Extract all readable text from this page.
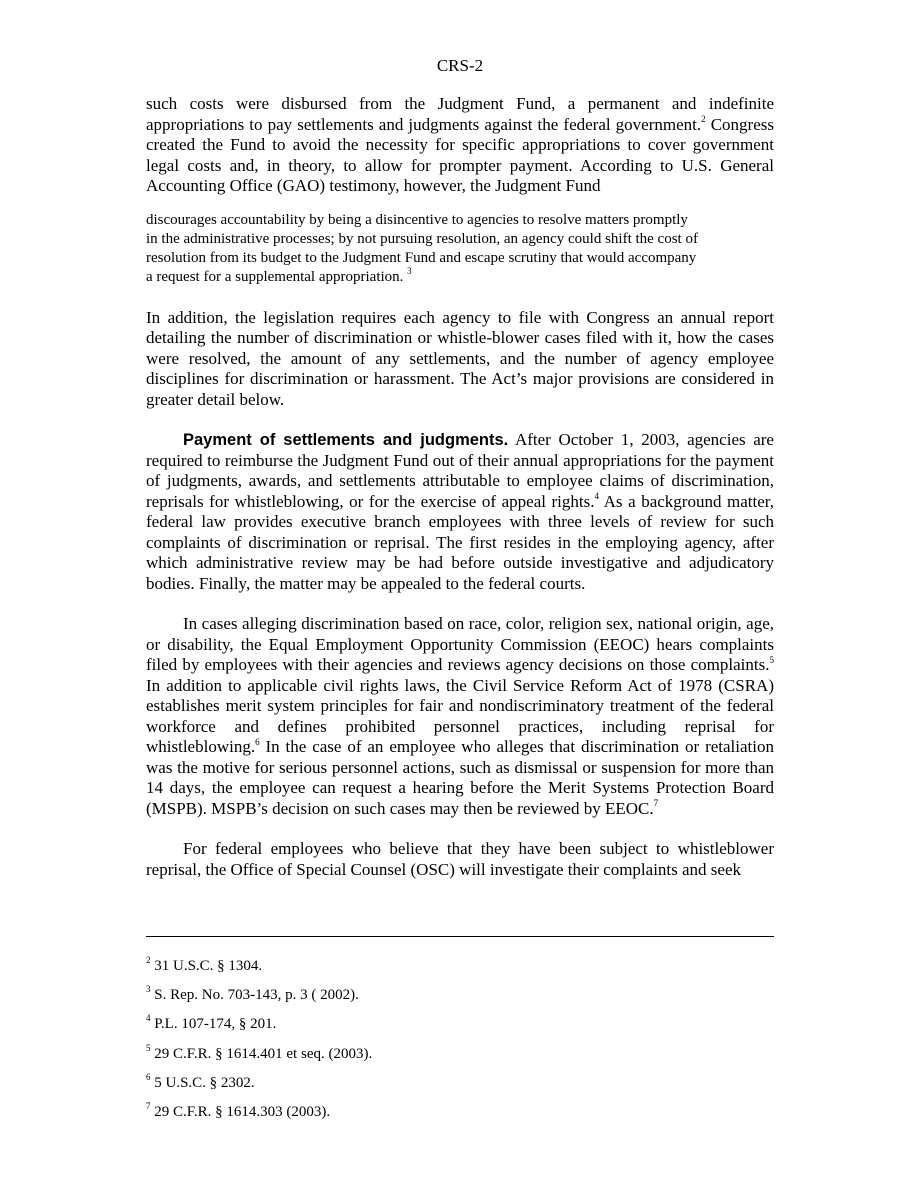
CRS-2

such costs were disbursed from the Judgment Fund, a permanent and indefinite appropriations to pay settlements and judgments against the federal government.$^2$ Congress created the Fund to avoid the necessity for specific appropriations to cover government legal costs and, in theory, to allow for prompter payment. According to U.S. General Accounting Office (GAO) testimony, however, the Judgment Fund

discourages accountability by being a disincentive to agencies to resolve matters promptly in the administrative processes; by not pursuing resolution, an agency could shift the cost of resolution from its budget to the Judgment Fund and escape scrutiny that would accompany a request for a supplemental appropriation. $^3$

In addition, the legislation requires each agency to file with Congress an annual report detailing the number of discrimination or whistle-blower cases filed with it, how the cases were resolved, the amount of any settlements, and the number of agency employee disciplines for discrimination or harassment. The Act’s major provisions are considered in greater detail below.

Payment of settlements and judgments. After October 1, 2003, agencies are required to reimburse the Judgment Fund out of their annual appropriations for the payment of judgments, awards, and settlements attributable to employee claims of discrimination, reprisals for whistleblowing, or for the exercise of appeal rights.$^4$ As a background matter, federal law provides executive branch employees with three levels of review for such complaints of discrimination or reprisal. The first resides in the employing agency, after which administrative review may be had before outside investigative and adjudicatory bodies. Finally, the matter may be appealed to the federal courts.

In cases alleging discrimination based on race, color, religion sex, national origin, age, or disability, the Equal Employment Opportunity Commission (EEOC) hears complaints filed by employees with their agencies and reviews agency decisions on those complaints.$^5$ In addition to applicable civil rights laws, the Civil Service Reform Act of 1978 (CSRA) establishes merit system principles for fair and nondiscriminatory treatment of the federal workforce and defines prohibited personnel practices, including reprisal for whistleblowing.$^6$ In the case of an employee who alleges that discrimination or retaliation was the motive for serious personnel actions, such as dismissal or suspension for more than 14 days, the employee can request a hearing before the Merit Systems Protection Board (MSPB). MSPB’s decision on such cases may then be reviewed by EEOC.$^7$

For federal employees who believe that they have been subject to whistleblower reprisal, the Office of Special Counsel (OSC) will investigate their complaints and seek

$^2$ 31 U.S.C. § 1304.
$^3$ S. Rep. No. 703-143, p. 3 ( 2002).
$^4$ P.L. 107-174, § 201.
$^5$ 29 C.F.R. § 1614.401 et seq. (2003).
$^6$ 5 U.S.C. § 2302.
$^7$ 29 C.F.R. § 1614.303 (2003).
